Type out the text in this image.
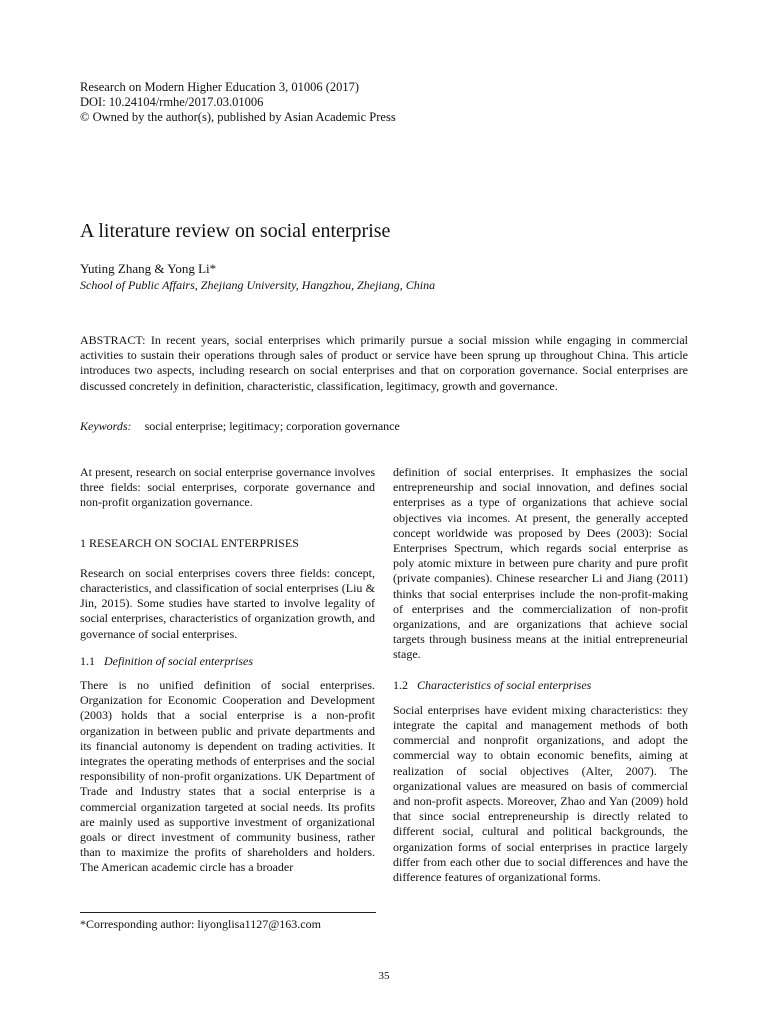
Research on Modern Higher Education 3, 01006 (2017)
DOI: 10.24104/rmhe/2017.03.01006
© Owned by the author(s), published by Asian Academic Press
A literature review on social enterprise
Yuting Zhang & Yong Li*
School of Public Affairs, Zhejiang University, Hangzhou, Zhejiang, China

ABSTRACT: In recent years, social enterprises which primarily pursue a social mission while engaging in commercial activities to sustain their operations through sales of product or service have been sprung up throughout China. This article introduces two aspects, including research on social enterprises and that on corporation governance. Social enterprises are discussed concretely in definition, characteristic, classification, legitimacy, growth and governance.

Keywords: social enterprise; legitimacy; corporation governance

At present, research on social enterprise governance involves three fields: social enterprises, corporate governance and non-profit organization governance.

1 RESEARCH ON SOCIAL ENTERPRISES

Research on social enterprises covers three fields: concept, characteristics, and classification of social enterprises (Liu & Jin, 2015). Some studies have started to involve legality of social enterprises, characteristics of organization growth, and governance of social enterprises.

1.1 Definition of social enterprises

There is no unified definition of social enterprises. Organization for Economic Cooperation and Development (2003) holds that a social enterprise is a non-profit organization in between public and private departments and its financial autonomy is dependent on trading activities. It integrates the operating methods of enterprises and the social responsibility of non-profit organizations. UK Department of Trade and Industry states that a social enterprise is a commercial organization targeted at social needs. Its profits are mainly used as supportive investment of organizational goals or direct investment of community business, rather than to maximize the profits of shareholders and holders. The American academic circle has a broader

definition of social enterprises. It emphasizes the social entrepreneurship and social innovation, and defines social enterprises as a type of organizations that achieve social objectives via incomes. At present, the generally accepted concept worldwide was proposed by Dees (2003): Social Enterprises Spectrum, which regards social enterprise as poly atomic mixture in between pure charity and pure profit (private companies). Chinese researcher Li and Jiang (2011) thinks that social enterprises include the non-profit-making of enterprises and the commercialization of non-profit organizations, and are organizations that achieve social targets through business means at the initial entrepreneurial stage.

1.2 Characteristics of social enterprises

Social enterprises have evident mixing characteristics: they integrate the capital and management methods of both commercial and nonprofit organizations, and adopt the commercial way to obtain economic benefits, aiming at realization of social objectives (Alter, 2007). The organizational values are measured on basis of commercial and non-profit aspects. Moreover, Zhao and Yan (2009) hold that since social entrepreneurship is directly related to different social, cultural and political backgrounds, the organization forms of social enterprises in practice largely differ from each other due to social differences and have the difference features of organizational forms.

*Corresponding author: liyonglisa1127@163.com
35
